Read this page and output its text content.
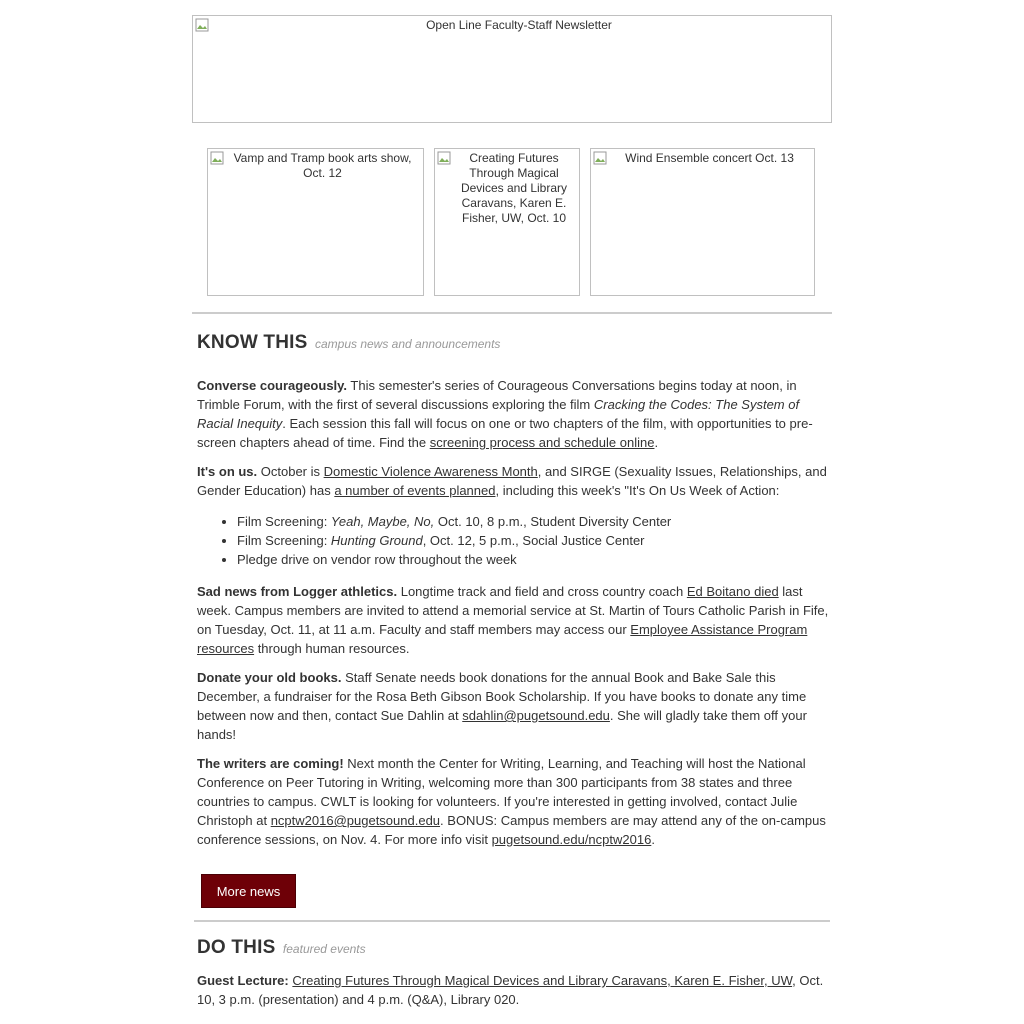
Open Line Faculty-Staff Newsletter
Vamp and Tramp book arts show, Oct. 12
Creating Futures Through Magical Devices and Library Caravans, Karen E. Fisher, UW, Oct. 10
Wind Ensemble concert Oct. 13
KNOW THIS campus news and announcements

Converse courageously. This semester's series of Courageous Conversations begins today at noon, in Trimble Forum, with the first of several discussions exploring the film Cracking the Codes: The System of Racial Inequity. Each session this fall will focus on one or two chapters of the film, with opportunities to pre-screen chapters ahead of time. Find the screening process and schedule online.

It's on us. October is Domestic Violence Awareness Month, and SIRGE (Sexuality Issues, Relationships, and Gender Education) has a number of events planned, including this week's "It's On Us Week of Action:

• Film Screening: Yeah, Maybe, No, Oct. 10, 8 p.m., Student Diversity Center
• Film Screening: Hunting Ground, Oct. 12, 5 p.m., Social Justice Center
• Pledge drive on vendor row throughout the week

Sad news from Logger athletics. Longtime track and field and cross country coach Ed Boitano died last week. Campus members are invited to attend a memorial service at St. Martin of Tours Catholic Parish in Fife, on Tuesday, Oct. 11, at 11 a.m. Faculty and staff members may access our Employee Assistance Program resources through human resources.

Donate your old books. Staff Senate needs book donations for the annual Book and Bake Sale this December, a fundraiser for the Rosa Beth Gibson Book Scholarship. If you have books to donate any time between now and then, contact Sue Dahlin at sdahlin@pugetsound.edu. She will gladly take them off your hands!

The writers are coming! Next month the Center for Writing, Learning, and Teaching will host the National Conference on Peer Tutoring in Writing, welcoming more than 300 participants from 38 states and three countries to campus. CWLT is looking for volunteers. If you're interested in getting involved, contact Julie Christoph at ncptw2016@pugetsound.edu. BONUS: Campus members are may attend any of the on-campus conference sessions, on Nov. 4. For more info visit pugetsound.edu/ncptw2016.

More news
DO THIS featured events

Guest Lecture: Creating Futures Through Magical Devices and Library Caravans, Karen E. Fisher, UW, Oct. 10, 3 p.m. (presentation) and 4 p.m. (Q&A), Library 020.
